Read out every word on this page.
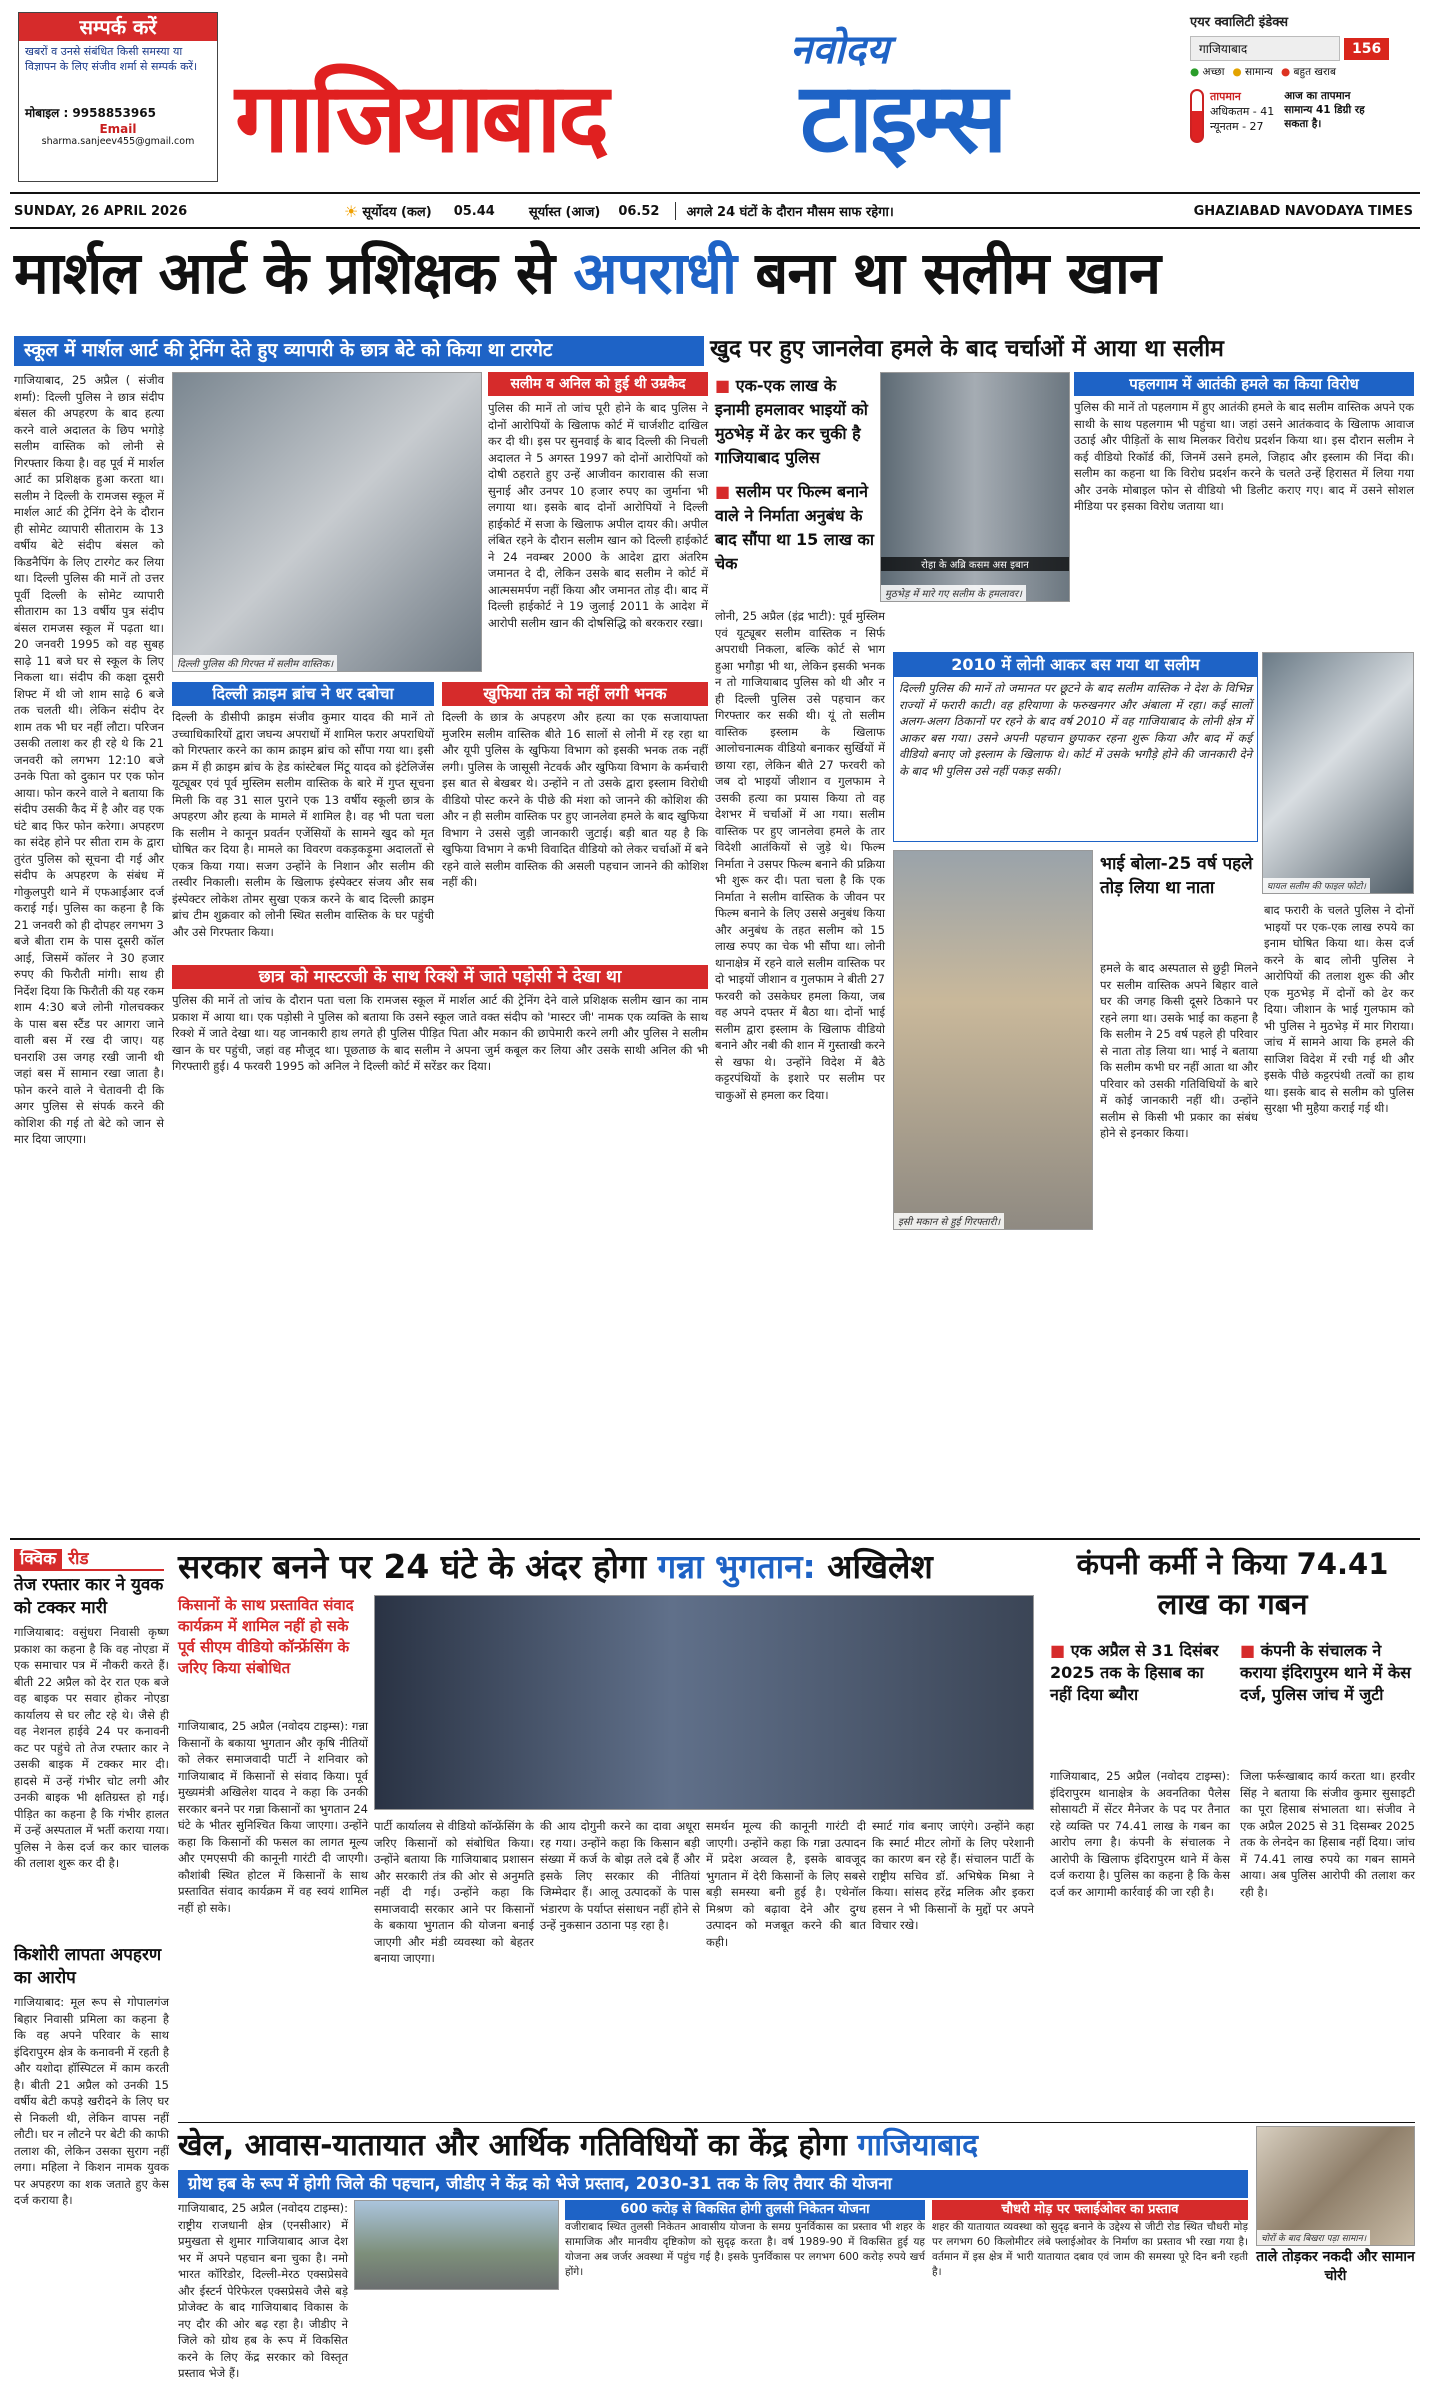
सम्पर्क करें
खबरों व उनसे संबंधित किसी समस्या या विज्ञापन के लिए संजीव शर्मा से सम्पर्क करें।
मोबाइल : 9958853965
Email
sharma.sanjeev455@gmail.com
नवोदय
गाजियाबाद टाइम्स
एयर क्वालिटी इंडेक्स
गाजियाबाद	156
● अच्छा ● सामान्य ● बहुत खराब
तापमान
अधिकतम - 41
न्यूनतम - 27
आज का तापमान सामान्य 41 डिग्री रह सकता है।
SUNDAY, 26 APRIL 2026	☀ सूर्योदय (कल) 05.44	सूर्यास्त (आज) 06.52	अगले 24 घंटों के दौरान मौसम साफ रहेगा।	GHAZIABAD NAVODAYA TIMES
मार्शल आर्ट के प्रशिक्षक से अपराधी बना था सलीम खान
स्कूल में मार्शल आर्ट की ट्रेनिंग देते हुए व्यापारी के छात्र बेटे को किया था टारगेट	खुद पर हुए जानलेवा हमले के बाद चर्चाओं में आया था सलीम
गाजियाबाद, 25 अप्रैल ( संजीव शर्मा): दिल्ली पुलिस ने छात्र संदीप बंसल की अपहरण के बाद हत्या करने वाले अदालत के छिप भगोड़े सलीम वास्तिक को लोनी से गिरफ्तार किया है। वह पूर्व में मार्शल आर्ट का प्रशिक्षक हुआ करता था। सलीम ने दिल्ली के रामजस स्कूल में मार्शल आर्ट की ट्रेनिंग देने के दौरान ही सोमेट व्यापारी सीताराम के 13 वर्षीय बेटे संदीप बंसल को किडनैपिंग के लिए टारगेट कर लिया था। दिल्ली पुलिस की मानें तो उत्तर पूर्वी दिल्ली के सोमेट व्यापारी सीताराम का 13 वर्षीय पुत्र संदीप बंसल रामजस स्कूल में पढ़ता था। 20 जनवरी 1995 को वह सुबह साढ़े 11 बजे घर से स्कूल के लिए निकला था। संदीप की कक्षा दूसरी शिफ्ट में थी जो शाम साढ़े 6 बजे तक चलती थी। लेकिन संदीप देर शाम तक भी घर नहीं लौटा। परिजन उसकी तलाश कर ही रहे थे कि 21 जनवरी को लगभग 12:10 बजे उनके पिता को दुकान पर एक फोन आया। फोन करने वाले ने बताया कि संदीप उसकी कैद में है और वह एक घंटे बाद फिर फोन करेगा। अपहरण का संदेह होने पर सीता राम के द्वारा तुरंत पुलिस को सूचना दी गई और संदीप के अपहरण के संबंध में गोकुलपुरी थाने में एफआईआर दर्ज कराई गई। पुलिस का कहना है कि 21 जनवरी को ही दोपहर लगभग 3 बजे बीता राम के पास दूसरी कॉल आई, जिसमें कॉलर ने 30 हजार रुपए की फिरौती मांगी। साथ ही निर्देश दिया कि फिरौती की यह रकम शाम 4:30 बजे लोनी गोलचक्कर के पास बस स्टैंड पर आगरा जाने वाली बस में रख दी जाए। यह घनराशि उस जगह रखी जानी थी जहां बस में सामान रखा जाता है। फोन करने वाले ने चेतावनी दी कि अगर पुलिस से संपर्क करने की कोशिश की गई तो बेटे को जान से मार दिया जाएगा।
दिल्ली पुलिस की गिरफ्त में सलीम वास्तिक।
सलीम व अनिल को हुई थी उम्रकैद
पुलिस की मानें तो जांच पूरी होने के बाद पुलिस ने दोनों आरोपियों के खिलाफ कोर्ट में चार्जशीट दाखिल कर दी थी। इस पर सुनवाई के बाद दिल्ली की निचली अदालत ने 5 अगस्त 1997 को दोनों आरोपियों को दोषी ठहराते हुए उन्हें आजीवन कारावास की सजा सुनाई और उनपर 10 हजार रुपए का जुर्माना भी लगाया था। इसके बाद दोनों आरोपियों ने दिल्ली हाईकोर्ट में सजा के खिलाफ अपील दायर की। अपील लंबित रहने के दौरान सलीम खान को दिल्ली हाईकोर्ट ने 24 नवम्बर 2000 के आदेश द्वारा अंतरिम जमानत दे दी, लेकिन उसके बाद सलीम ने कोर्ट में आत्मसमर्पण नहीं किया और जमानत तोड़ दी। बाद में दिल्ली हाईकोर्ट ने 19 जुलाई 2011 के आदेश में आरोपी सलीम खान की दोषसिद्धि को बरकरार रखा।
दिल्ली क्राइम ब्रांच ने धर दबोचा
दिल्ली के डीसीपी क्राइम संजीव कुमार यादव की मानें तो उच्चाधिकारियों द्वारा जघन्य अपराधों में शामिल फरार अपराधियों को गिरफ्तार करने का काम क्राइम ब्रांच को सौंपा गया था। इसी क्रम में ही क्राइम ब्रांच के हेड कांस्टेबल मिंटू यादव को इंटेलिजेंस यूट्यूबर एवं पूर्व मुस्लिम सलीम वास्तिक के बारे में गुप्त सूचना मिली कि वह 31 साल पुराने एक 13 वर्षीय स्कूली छात्र के अपहरण और हत्या के मामले में शामिल है। वह भी पता चला कि सलीम ने कानून प्रवर्तन एजेंसियों के सामने खुद को मृत घोषित कर दिया है। मामले का विवरण वकड़कड़ूमा अदालतों से एकत्र किया गया। सजग उन्होंने के निशान और सलीम की तस्वीर निकाली। सलीम के खिलाफ इंस्पेक्टर संजय और सब इंस्पेक्टर लोकेश तोमर सुखा एकत्र करने के बाद दिल्ली क्राइम ब्रांच टीम शुक्रवार को लोनी स्थित सलीम वास्तिक के घर पहुंची और उसे गिरफ्तार किया।
खुफिया तंत्र को नहीं लगी भनक
दिल्ली के छात्र के अपहरण और हत्या का एक सजायाफ्ता मुजरिम सलीम वास्तिक बीते 16 सालों से लोनी में रह रहा था और यूपी पुलिस के खुफिया विभाग को इसकी भनक तक नहीं लगी। पुलिस के जासूसी नेटवर्क और खुफिया विभाग के कर्मचारी इस बात से बेखबर थे। उन्होंने न तो उसके द्वारा इस्लाम विरोधी वीडियो पोस्ट करने के पीछे की मंशा को जानने की कोशिश की और न ही सलीम वास्तिक पर हुए जानलेवा हमले के बाद खुफिया विभाग ने उससे जुड़ी जानकारी जुटाई। बड़ी बात यह है कि खुफिया विभाग ने कभी विवादित वीडियो को लेकर चर्चाओं में बने रहने वाले सलीम वास्तिक की असली पहचान जानने की कोशिश नहीं की।
छात्र को मास्टरजी के साथ रिक्शे में जाते पड़ोसी ने देखा था
पुलिस की मानें तो जांच के दौरान पता चला कि रामजस स्कूल में मार्शल आर्ट की ट्रेनिंग देने वाले प्रशिक्षक सलीम खान का नाम प्रकाश में आया था। एक पड़ोसी ने पुलिस को बताया कि उसने स्कूल जाते वक्त संदीप को 'मास्टर जी' नामक एक व्यक्ति के साथ रिक्शे में जाते देखा था। यह जानकारी हाथ लगते ही पुलिस पीड़ित पिता और मकान की छापेमारी करने लगी और पुलिस ने सलीम खान के घर पहुंची, जहां वह मौजूद था। पूछताछ के बाद सलीम ने अपना जुर्म कबूल कर लिया और उसके साथी अनिल की भी गिरफ्तारी हुई। 4 फरवरी 1995 को अनिल ने दिल्ली कोर्ट में सरेंडर कर दिया।
■ एक-एक लाख के इनामी हमलावर भाइयों को मुठभेड़ में ढेर कर चुकी है गाजियाबाद पुलिस
■ सलीम पर फिल्म बनाने वाले ने निर्माता अनुबंध के बाद सौंपा था 15 लाख का चेक	रोहा के अब्रि कसम अस इबान
मुठभेड़ में मारे गए सलीम के हमलावर।
लोनी, 25 अप्रैल (इंद्र भाटी): पूर्व मुस्लिम एवं यूट्यूबर सलीम वास्तिक न सिर्फ अपराधी निकला, बल्कि कोर्ट से भाग हुआ भगौड़ा भी था, लेकिन इसकी भनक न तो गाजियाबाद पुलिस को थी और न ही दिल्ली पुलिस उसे पहचान कर गिरफ्तार कर सकी थी। यूं तो सलीम वास्तिक इस्लाम के खिलाफ आलोचनात्मक वीडियो बनाकर सुर्खियों में छाया रहा, लेकिन बीते 27 फरवरी को जब दो भाइयों जीशान व गुलफाम ने उसकी हत्या का प्रयास किया तो वह देशभर में चर्चाओं में आ गया। सलीम वास्तिक पर हुए जानलेवा हमले के तार विदेशी आतंकियों से जुड़े थे। फिल्म निर्माता ने उसपर फिल्म बनाने की प्रक्रिया भी शुरू कर दी। पता चला है कि एक निर्माता ने सलीम वास्तिक के जीवन पर फिल्म बनाने के लिए उससे अनुबंध किया और अनुबंध के तहत सलीम को 15 लाख रुपए का चेक भी सौंपा था। लोनी थानाक्षेत्र में रहने वाले सलीम वास्तिक पर दो भाइयों जीशान व गुलफाम ने बीती 27 फरवरी को उसकेघर हमला किया, जब वह अपने दफ्तर में बैठा था। दोनों भाई सलीम द्वारा इस्लाम के खिलाफ वीडियो बनाने और नबी की शान में गुस्ताखी करने से खफा थे। उन्होंने विदेश में बैठे कट्टरपंथियों के इशारे पर सलीम पर चाकुओं से हमला कर दिया।
2010 में लोनी आकर बस गया था सलीम
दिल्ली पुलिस की मानें तो जमानत पर छूटने के बाद सलीम वास्तिक ने देश के विभिन्न राज्यों में फरारी काटी। वह हरियाणा के फरुखनगर और अंबाला में रहा। कई सालों अलग-अलग ठिकानों पर रहने के बाद वर्ष 2010 में वह गाजियाबाद के लोनी क्षेत्र में आकर बस गया। उसने अपनी पहचान छुपाकर रहना शुरू किया और बाद में कई वीडियो बनाए जो इस्लाम के खिलाफ थे। कोर्ट में उसके भगौड़े होने की जानकारी देने के बाद भी पुलिस उसे नहीं पकड़ सकी।
पहलगाम में आतंकी हमले का किया विरोध
पुलिस की मानें तो पहलगाम में हुए आतंकी हमले के बाद सलीम वास्तिक अपने एक साथी के साथ पहलगाम भी पहुंचा था। जहां उसने आतंकवाद के खिलाफ आवाज उठाई और पीड़ितों के साथ मिलकर विरोध प्रदर्शन किया था। इस दौरान सलीम ने कई वीडियो रिकॉर्ड कीं, जिनमें उसने हमले, जिहाद और इस्लाम की निंदा की। सलीम का कहना था कि विरोध प्रदर्शन करने के चलते उन्हें हिरासत में लिया गया और उनके मोबाइल फोन से वीडियो भी डिलीट कराए गए। बाद में उसने सोशल मीडिया पर इसका विरोध जताया था।
इसी मकान से हुई गिरफ्तारी।
घायल सलीम की फाइल फोटो।
भाई बोला-25 वर्ष पहले तोड़ लिया था नाता
हमले के बाद अस्पताल से छुट्टी मिलने पर सलीम वास्तिक अपने बिहार वाले घर की जगह किसी दूसरे ठिकाने पर रहने लगा था। उसके भाई का कहना है कि सलीम ने 25 वर्ष पहले ही परिवार से नाता तोड़ लिया था। भाई ने बताया कि सलीम कभी घर नहीं आता था और परिवार को उसकी गतिविधियों के बारे में कोई जानकारी नहीं थी। उन्होंने सलीम से किसी भी प्रकार का संबंध होने से इनकार किया।
बाद फरारी के चलते पुलिस ने दोनों भाइयों पर एक-एक लाख रुपये का इनाम घोषित किया था। केस दर्ज करने के बाद लोनी पुलिस ने आरोपियों की तलाश शुरू की और एक मुठभेड़ में दोनों को ढेर कर दिया। जीशान के भाई गुलफाम को भी पुलिस ने मुठभेड़ में मार गिराया। जांच में सामने आया कि हमले की साजिश विदेश में रची गई थी और इसके पीछे कट्टरपंथी तत्वों का हाथ था। इसके बाद से सलीम को पुलिस सुरक्षा भी मुहैया कराई गई थी।
क्विक रीड
तेज रफ्तार कार ने युवक को टक्कर मारी
गाजियाबाद: वसुंधरा निवासी कृष्ण प्रकाश का कहना है कि वह नोएडा में एक समाचार पत्र में नौकरी करते हैं। बीती 22 अप्रैल को देर रात एक बजे वह बाइक पर सवार होकर नोएडा कार्यालय से घर लौट रहे थे। जैसे ही वह नेशनल हाईवे 24 पर कनावनी कट पर पहुंचे तो तेज रफ्तार कार ने उसकी बाइक में टक्कर मार दी। हादसे में उन्हें गंभीर चोट लगी और उनकी बाइक भी क्षतिग्रस्त हो गई। पीड़ित का कहना है कि गंभीर हालत में उन्हें अस्पताल में भर्ती कराया गया। पुलिस ने केस दर्ज कर कार चालक की तलाश शुरू कर दी है।
किशोरी लापता अपहरण का आरोप
गाजियाबाद: मूल रूप से गोपालगंज बिहार निवासी प्रमिला का कहना है कि वह अपने परिवार के साथ इंदिरापुरम क्षेत्र के कनावनी में रहती है और यशोदा हॉस्पिटल में काम करती है। बीती 21 अप्रैल को उनकी 15 वर्षीय बेटी कपड़े खरीदने के लिए घर से निकली थी, लेकिन वापस नहीं लौटी। घर न लौटने पर बेटी की काफी तलाश की, लेकिन उसका सुराग नहीं लगा। महिला ने किशन नामक युवक पर अपहरण का शक जताते हुए केस दर्ज कराया है।
सरकार बनने पर 24 घंटे के अंदर होगा गन्ना भुगतान: अखिलेश
किसानों के साथ प्रस्तावित संवाद कार्यक्रम में शामिल नहीं हो सके पूर्व सीएम वीडियो कॉन्फ्रेंसिंग के जरिए किया संबोधित
गाजियाबाद, 25 अप्रैल (नवोदय टाइम्स): गन्ना किसानों के बकाया भुगतान और कृषि नीतियों को लेकर समाजवादी पार्टी ने शनिवार को गाजियाबाद में किसानों से संवाद किया। पूर्व मुख्यमंत्री अखिलेश यादव ने कहा कि उनकी सरकार बनने पर गन्ना किसानों का भुगतान 24 घंटे के भीतर सुनिश्चित किया जाएगा। उन्होंने कहा कि किसानों की फसल का लागत मूल्य और एमएसपी की कानूनी गारंटी दी जाएगी। कौशांबी स्थित होटल में किसानों के साथ प्रस्तावित संवाद कार्यक्रम में वह स्वयं शामिल नहीं हो सके।
पार्टी कार्यालय से वीडियो कॉन्फ्रेंसिंग के जरिए किसानों को संबोधित किया। उन्होंने बताया कि गाजियाबाद प्रशासन और सरकारी तंत्र की ओर से अनुमति नहीं दी गई। उन्होंने कहा कि समाजवादी सरकार आने पर किसानों के बकाया भुगतान की योजना बनाई जाएगी और मंडी व्यवस्था को बेहतर बनाया जाएगा।
की आय दोगुनी करने का दावा अधूरा रह गया। उन्होंने कहा कि किसान बड़ी संख्या में कर्ज के बोझ तले दबे हैं और इसके लिए सरकार की नीतियां जिम्मेदार हैं। आलू उत्पादकों के पास भंडारण के पर्याप्त संसाधन नहीं होने से उन्हें नुकसान उठाना पड़ रहा है।
समर्थन मूल्य की कानूनी गारंटी दी जाएगी। उन्होंने कहा कि गन्ना उत्पादन में प्रदेश अव्वल है, इसके बावजूद भुगतान में देरी किसानों के लिए सबसे बड़ी समस्या बनी हुई है। एथेनॉल मिश्रण को बढ़ावा देने और दुग्ध उत्पादन को मजबूत करने की बात कही।
स्मार्ट गांव बनाए जाएंगे। उन्होंने कहा कि स्मार्ट मीटर लोगों के लिए परेशानी का कारण बन रहे हैं। संचालन पार्टी के राष्ट्रीय सचिव डॉ. अभिषेक मिश्रा ने किया। सांसद हरेंद्र मलिक और इकरा हसन ने भी किसानों के मुद्दों पर अपने विचार रखे।
कंपनी कर्मी ने किया 74.41 लाख का गबन
■ एक अप्रैल से 31 दिसंबर 2025 तक के हिसाब का नहीं दिया ब्यौरा
■ कंपनी के संचालक ने कराया इंदिरापुरम थाने में केस दर्ज, पुलिस जांच में जुटी
गाजियाबाद, 25 अप्रैल (नवोदय टाइम्स): इंदिरापुरम थानाक्षेत्र के अवनतिका पैलेस सोसायटी में सेंटर मैनेजर के पद पर तैनात रहे व्यक्ति पर 74.41 लाख के गबन का आरोप लगा है। कंपनी के संचालक ने आरोपी के खिलाफ इंदिरापुरम थाने में केस दर्ज कराया है। पुलिस का कहना है कि केस दर्ज कर आगामी कार्रवाई की जा रही है।
जिला फर्रूखाबाद कार्य करता था। हरवीर सिंह ने बताया कि संजीव कुमार सुसाइटी का पूरा हिसाब संभालता था। संजीव ने एक अप्रैल 2025 से 31 दिसम्बर 2025 तक के लेनदेन का हिसाब नहीं दिया। जांच में 74.41 लाख रुपये का गबन सामने आया। अब पुलिस आरोपी की तलाश कर रही है।
खेल, आवास-यातायात और आर्थिक गतिविधियों का केंद्र होगा गाजियाबाद
ग्रोथ हब के रूप में होगी जिले की पहचान, जीडीए ने केंद्र को भेजे प्रस्ताव, 2030-31 तक के लिए तैयार की योजना
गाजियाबाद, 25 अप्रैल (नवोदय टाइम्स): राष्ट्रीय राजधानी क्षेत्र (एनसीआर) में प्रमुखता से शुमार गाजियाबाद आज देश भर में अपने पहचान बना चुका है। नमो भारत कॉरिडोर, दिल्ली-मेरठ एक्सप्रेसवे और ईस्टर्न पेरिफेरल एक्सप्रेसवे जैसे बड़े प्रोजेक्ट के बाद गाजियाबाद विकास के नए दौर की ओर बढ़ रहा है। जीडीए ने जिले को ग्रोथ हब के रूप में विकसित करने के लिए केंद्र सरकार को विस्तृत प्रस्ताव भेजे हैं।
600 करोड़ से विकसित होगी तुलसी निकेतन योजना
वजीराबाद स्थित तुलसी निकेतन आवासीय योजना के समग्र पुनर्विकास का प्रस्ताव भी शहर के सामाजिक और मानवीय दृष्टिकोण को सुदृढ़ करता है। वर्ष 1989-90 में विकसित हुई यह योजना अब जर्जर अवस्था में पहुंच गई है। इसके पुनर्विकास पर लगभग 600 करोड़ रुपये खर्च होंगे।
चौधरी मोड़ पर फ्लाईओवर का प्रस्ताव
शहर की यातायात व्यवस्था को सुदृढ़ बनाने के उद्देश्य से जीटी रोड स्थित चौधरी मोड़ पर लगभग 60 किलोमीटर लंबे फ्लाईओवर के निर्माण का प्रस्ताव भी रखा गया है। वर्तमान में इस क्षेत्र में भारी यातायात दबाव एवं जाम की समस्या पूरे दिन बनी रहती है।
चोरों के बाद बिखरा पड़ा सामान।
ताले तोड़कर नकदी और सामान चोरी
